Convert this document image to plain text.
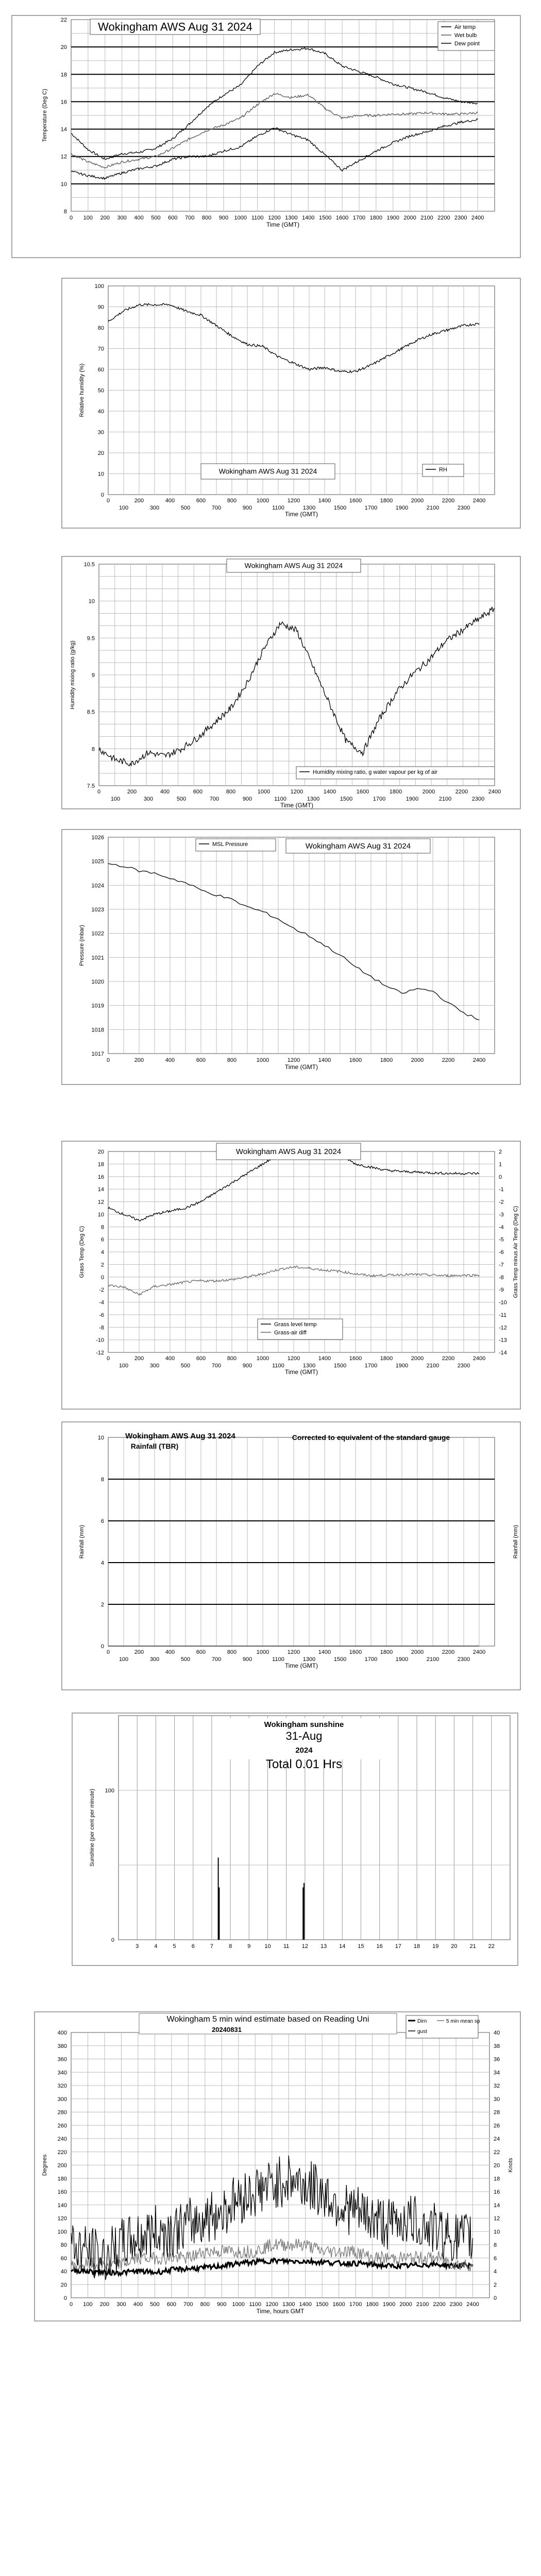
8
10
12
14
16
18
20
22
0 100 200 300 400 500 600 700 800 900 1000 1100 1200 1300 1400 1500 1600 1700 1800 1900 2000 2100 2200 2300 2400
Time (GMT)
Temperature (Deg C)
Wokingham AWS Aug 31 2024	Air temp
Wet bulb
Dew point
0
10
20
30
40
50
60
70
80
90
100
0	200	400	600	800	1000	1200	1400	1600	1800	2000	2200	2400
100	300	500	700	900	1100	1300	1500	1700	1900	2100	2300
Time (GMT)
Relative humidity (%)
Wokingham AWS Aug 31 2024	RH
7.5
8
8.5
9
9.5
10
10.5
0	200	400	600	800	1000	1200	1400	1600	1800	2000	2200	2400
100	300	500	700	900	1100	1300	1500	1700	1900	2100	2300
Time (GMT)
Humidity mixing ratio (g/kg)
Wokingham AWS Aug 31 2024
Humidity mixing ratio, g water vapour per kg of air
1017
1018
1019
1020
1021
1022
1023
1024
1025
1026
0	200	400	600	800	1000	1200	1400	1600	1800	2000	2200	2400
Time (GMT)
Pressure (mbar)
MSL Pressure	Wokingham AWS Aug 31 2024
-12
-10
-8
-6
-4
-2
0
2
4
6
8
10
12
14
16
18
20
-14
-13
-12
-11
-10
-9
-8
-7
-6
-5
-4
-3
-2
-1
0
1
2
0	200	400	600	800	1000	1200	1400	1600	1800	2000	2200	2400
100	300	500	700	900	1100	1300	1500	1700	1900	2100	2300
Time (GMT)
Grass Temp (Deg C)	Grass Temp minus Air Temp (Deg C)
Wokingham AWS Aug 31 2024
Grass level temp
Grass-air diff
0
2
4
6
8
10
0	200	400	600	800	1000	1200	1400	1600	1800	2000	2200	2400
100	300	500	700	900	1100	1300	1500	1700	1900	2100	2300
Time (GMT)
Rainfall (mm)	Rainfall (mm)
Wokingham AWS Aug 31 2024
Rainfall (TBR)
Corrected to equivalent of the standard gauge
0
100
3	4	5	6	7	8	9 10 11 12 13 14 15 16 17 18 19 20 21 22
Sunshine (per cent per minute)
Wokingham sunshine
31-Aug
2024
Total 0.01 Hrs
0
20
40
60
80
100
120
140
160
180
200
220
240
260
280
300
320
340
360
380
400
0
2
4
6
8
10
12
14
16
18
20
22
24
26
28
30
32
34
36
38
40
0 100 200 300 400 500 600 700 800 900 1000 1100 1200 1300 1400 1500 1600 1700 1800 1900 2000 2100 2200 2300 2400
Time, hours GMT
Degrees	Knots
Wokingham 5 min wind estimate based on Reading Uni
20240831
Dirn	5 min mean sp
gust
